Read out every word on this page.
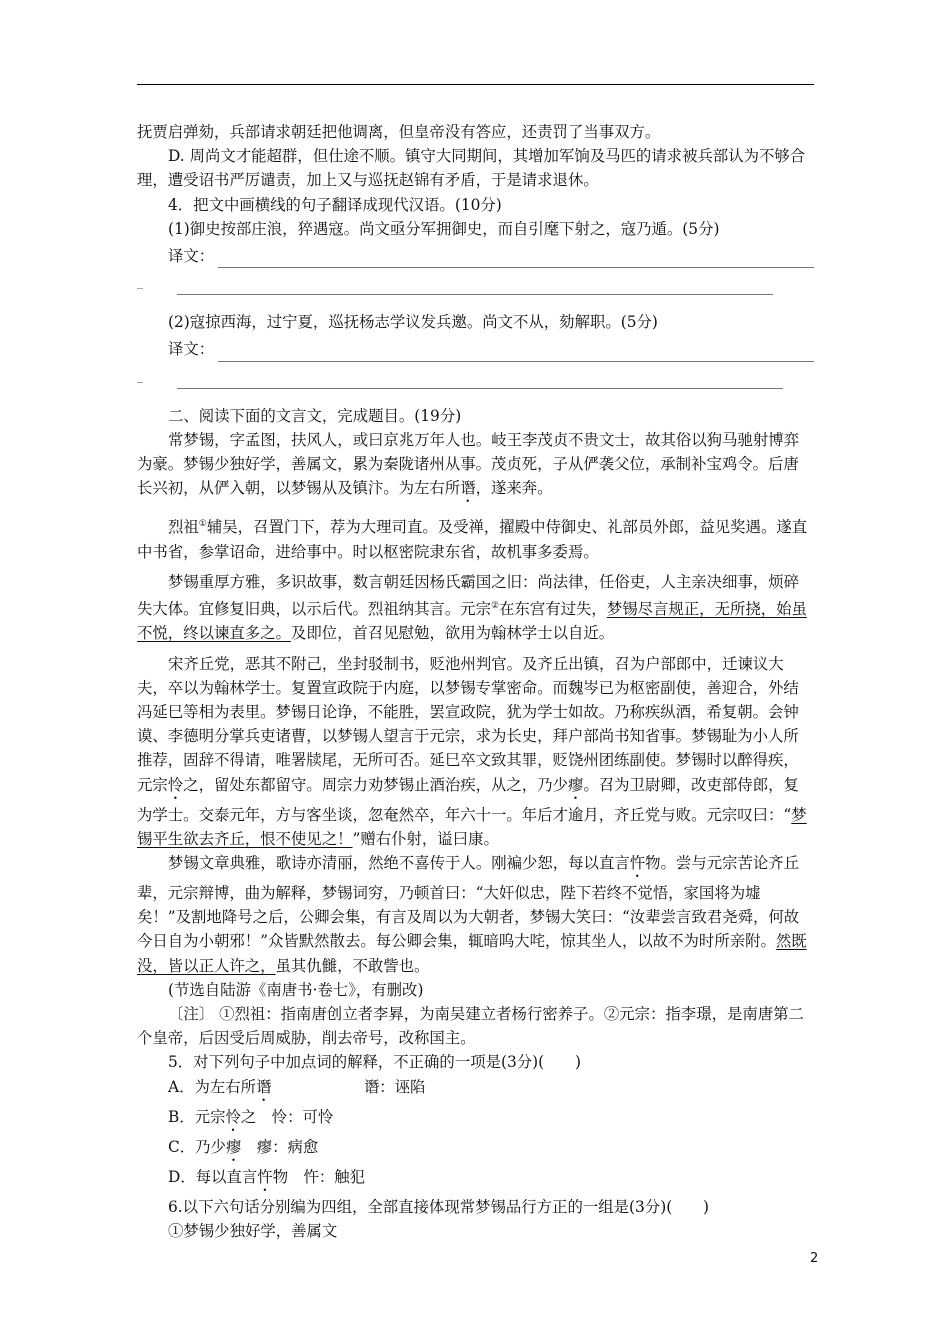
抚贾启弹劾，兵部请求朝廷把他调离，但皇帝没有答应，还责罚了当事双方。

D. 周尚文才能超群，但仕途不顺。镇守大同期间，其增加军饷及马匹的请求被兵部认为不够合理，遭受诏书严厉谴责，加上又与巡抚赵锦有矛盾，于是请求退休。

4．把文中画横线的句子翻译成现代汉语。(10分)

(1)御史按部庄浪，猝遇寇。尚文亟分军拥御史，而自引麾下射之，寇乃遁。(5分)

译文：
_

(2)寇掠西海，过宁夏，巡抚杨志学议发兵邀。尚文不从，劾解职。(5分)

译文：
_

二、阅读下面的文言文，完成题目。(19分)

常梦锡，字孟图，扶风人，或曰京兆万年人也。岐王李茂贞不贵文士，故其俗以狗马驰射博弈为豪。梦锡少独好学，善属文，累为秦陇诸州从事。茂贞死，子从俨袭父位，承制补宝鸡令。后唐长兴初，从俨入朝，以梦锡从及镇汴。为左右所谮，遂来奔。

烈祖①辅吴，召置门下，荐为大理司直。及受禅，擢殿中侍御史、礼部员外郎，益见奖遇。遂直中书省，参掌诏命，进给事中。时以枢密院隶东省，故机事多委焉。

梦锡重厚方雅，多识故事，数言朝廷因杨氏霸国之旧：尚法律，任俗吏，人主亲决细事，烦碎失大体。宜修复旧典，以示后代。烈祖纳其言。元宗②在东宫有过失，梦锡尽言规正，无所挠，始虽不悦，终以谏直多之。及即位，首召见慰勉，欲用为翰林学士以自近。

宋齐丘党，恶其不附己，坐封驳制书，贬池州判官。及齐丘出镇，召为户部郎中，迁谏议大夫，卒以为翰林学士。复置宣政院于内庭，以梦锡专掌密命。而魏岑已为枢密副使，善迎合，外结冯延巳等相为表里。梦锡日论诤，不能胜，罢宣政院，犹为学士如故。乃称疾纵酒，希复朝。会钟谟、李德明分掌兵吏诸曹，以梦锡人望言于元宗，求为长史，拜户部尚书知省事。梦锡耻为小人所推荐，固辞不得请，唯署牍尾，无所可否。延巳卒文致其罪，贬饶州团练副使。梦锡时以醉得疾，元宗怜之，留处东都留守。周宗力劝梦锡止酒治疾，从之，乃少瘳。召为卫尉卿，改吏部侍郎，复为学士。交泰元年，方与客坐谈，忽奄然卒，年六十一。年后才逾月，齐丘党与败。元宗叹曰：“梦锡平生欲去齐丘，恨不使见之！”赠右仆射，谥曰康。

梦锡文章典雅，歌诗亦清丽，然绝不喜传于人。刚褊少恕，每以直言忤物。尝与元宗苦论齐丘辈，元宗辩博，曲为解释，梦锡词穷，乃顿首曰：“大奸似忠，陛下若终不觉悟，家国将为墟矣！”及割地降号之后，公卿会集，有言及周以为大朝者，梦锡大笑曰：“汝辈尝言致君尧舜，何故今日自为小朝邪！”众皆默然散去。每公卿会集，辄暗呜大咤，惊其坐人，以故不为时所亲附。然既没，皆以正人许之，虽其仇雠，不敢訾也。

(节选自陆游《南唐书·卷七》，有删改)

〔注〕 ①烈祖：指南唐创立者李昪，为南吴建立者杨行密养子。②元宗：指李璟，是南唐第二个皇帝，后因受后周威胁，削去帝号，改称国主。

5．对下列句子中加点词的解释，不正确的一项是(3分)(　　)

A．为左右所谮　　　　　　谮：诬陷

B．元宗怜之　怜：可怜

C．乃少瘳　瘳：病愈

D．每以直言忤物　忤：触犯

6.以下六句话分别编为四组，全部直接体现常梦锡品行方正的一组是(3分)(　　)

①梦锡少独好学，善属文

2
